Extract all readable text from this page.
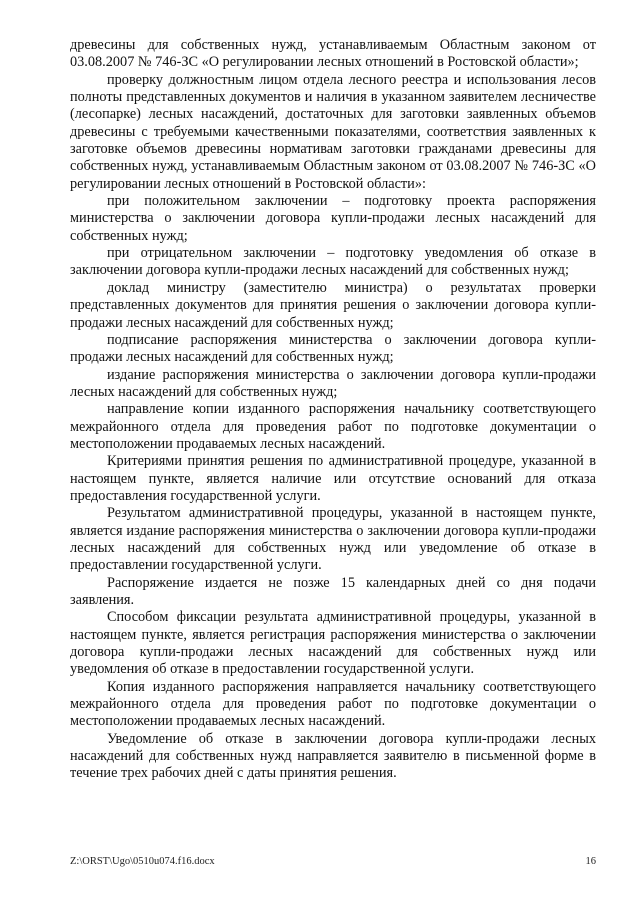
древесины для собственных нужд, устанавливаемым Областным законом от 03.08.2007 № 746-ЗС «О регулировании лесных отношений в Ростовской области»;

проверку должностным лицом отдела лесного реестра и использования лесов полноты представленных документов и наличия в указанном заявителем лесничестве (лесопарке) лесных насаждений, достаточных для заготовки заявленных объемов древесины с требуемыми качественными показателями, соответствия заявленных к заготовке объемов древесины нормативам заготовки гражданами древесины для собственных нужд, устанавливаемым Областным законом от 03.08.2007 № 746-ЗС «О регулировании лесных отношений в Ростовской области»:

при положительном заключении – подготовку проекта распоряжения министерства о заключении договора купли-продажи лесных насаждений для собственных нужд;

при отрицательном заключении – подготовку уведомления об отказе в заключении договора купли-продажи лесных насаждений для собственных нужд;

доклад министру (заместителю министра) о результатах проверки представленных документов для принятия решения о заключении договора купли-продажи лесных насаждений для собственных нужд;

подписание распоряжения министерства о заключении договора купли-продажи лесных насаждений для собственных нужд;

издание распоряжения министерства о заключении договора купли-продажи лесных насаждений для собственных нужд;

направление копии изданного распоряжения начальнику соответствующего межрайонного отдела для проведения работ по подготовке документации о местоположении продаваемых лесных насаждений.

Критериями принятия решения по административной процедуре, указанной в настоящем пункте, является наличие или отсутствие оснований для отказа предоставления государственной услуги.

Результатом административной процедуры, указанной в настоящем пункте, является издание распоряжения министерства о заключении договора купли-продажи лесных насаждений для собственных нужд или уведомление об отказе в предоставлении государственной услуги.

Распоряжение издается не позже 15 календарных дней со дня подачи заявления.

Способом фиксации результата административной процедуры, указанной в настоящем пункте, является регистрация распоряжения министерства о заключении договора купли-продажи лесных насаждений для собственных нужд или уведомления об отказе в предоставлении государственной услуги.

Копия изданного распоряжения направляется начальнику соответствующего межрайонного отдела для проведения работ по подготовке документации о местоположении продаваемых лесных насаждений.

Уведомление об отказе в заключении договора купли-продажи лесных насаждений для собственных нужд направляется заявителю в письменной форме в течение трех рабочих дней с даты принятия решения.

Z:\ORST\Ugo\0510u074.f16.docx	16
